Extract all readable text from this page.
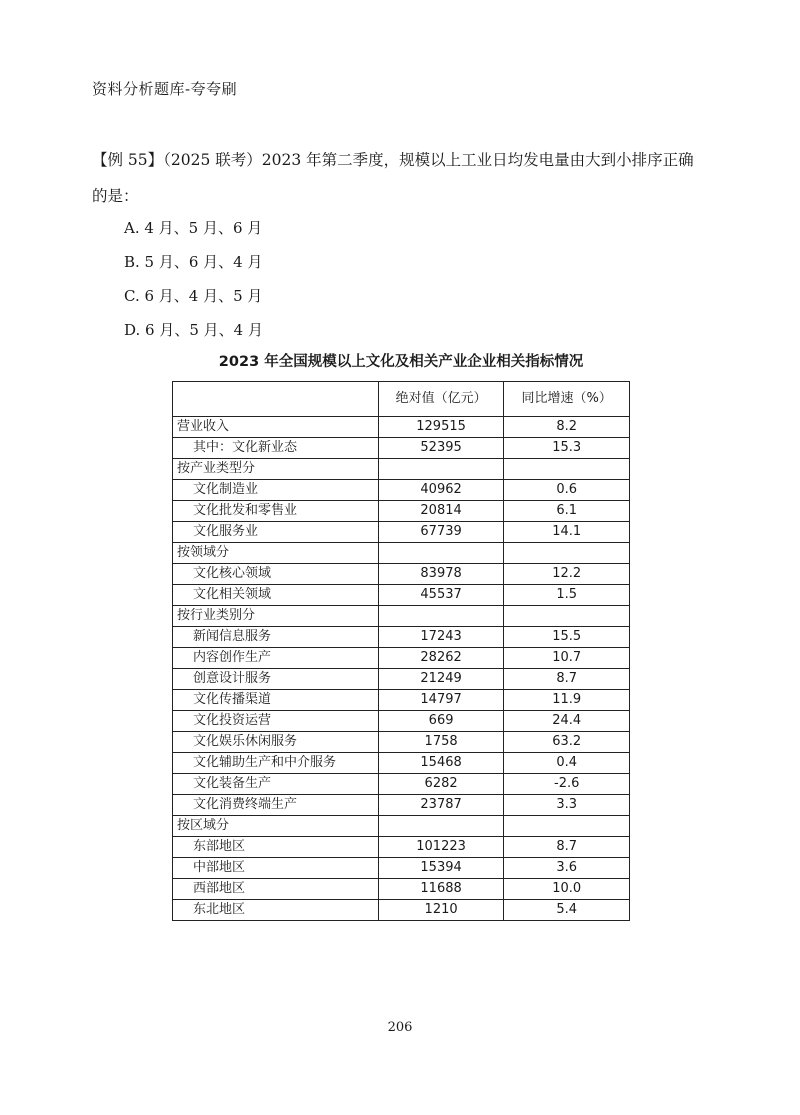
资料分析题库-夸夸刷
【例 55】（2025 联考）2023 年第二季度，规模以上工业日均发电量由大到小排序正确
的是：
A. 4 月、5 月、6 月
B. 5 月、6 月、4 月
C. 6 月、4 月、5 月
D. 6 月、5 月、4 月
2023 年全国规模以上文化及相关产业企业相关指标情况
	绝对值（亿元）	同比增速（%）
营业收入	129515	8.2
其中：文化新业态	52395	15.3
按产业类型分		
文化制造业	40962	0.6
文化批发和零售业	20814	6.1
文化服务业	67739	14.1
按领域分		
文化核心领域	83978	12.2
文化相关领域	45537	1.5
按行业类别分		
新闻信息服务	17243	15.5
内容创作生产	28262	10.7
创意设计服务	21249	8.7
文化传播渠道	14797	11.9
文化投资运营	669	24.4
文化娱乐休闲服务	1758	63.2
文化辅助生产和中介服务	15468	0.4
文化装备生产	6282	-2.6
文化消费终端生产	23787	3.3
按区域分		
东部地区	101223	8.7
中部地区	15394	3.6
西部地区	11688	10.0
东北地区	1210	5.4
206
